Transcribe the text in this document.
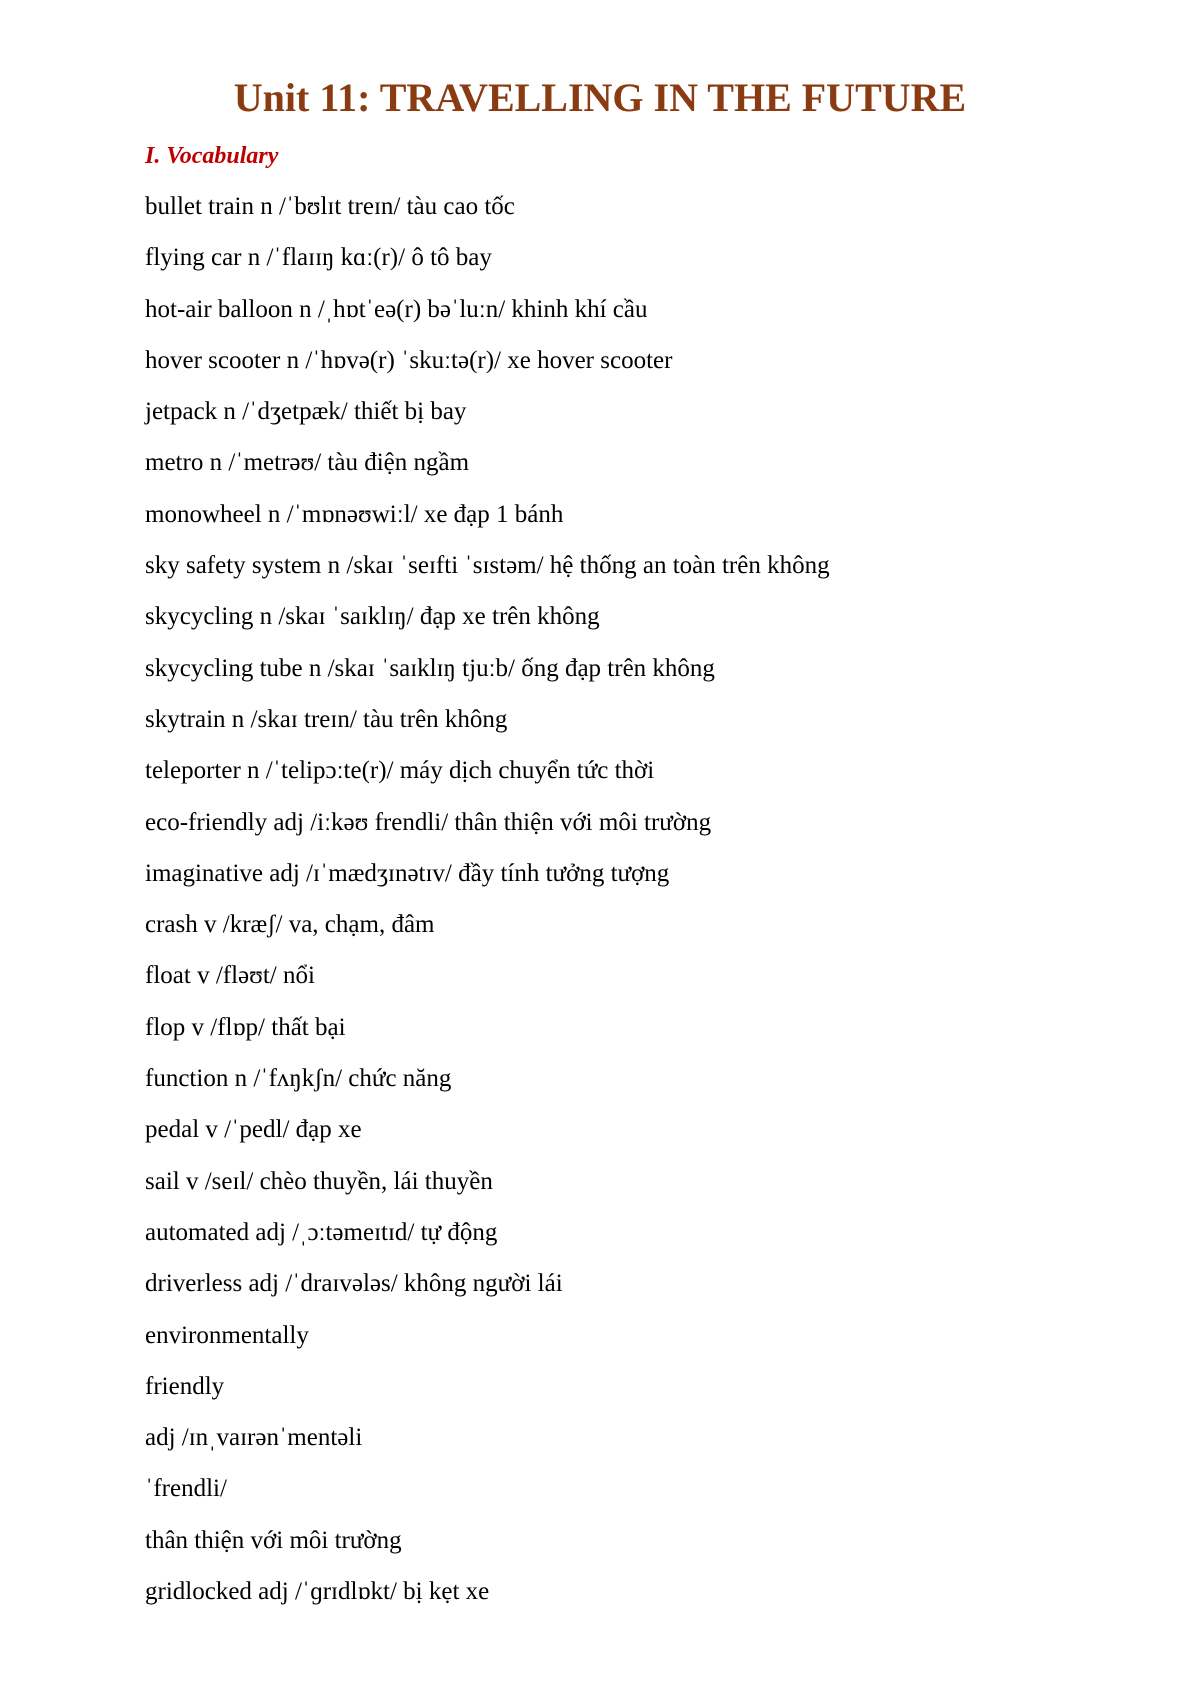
Unit 11: TRAVELLING IN THE FUTURE
I. Vocabulary
bullet train n /ˈbʊlɪt treɪn/ tàu cao tốc
flying car n /ˈflaɪɪŋ kɑː(r)/ ô tô bay
hot-air balloon n /ˌhɒtˈeə(r) bəˈluːn/ khinh khí cầu
hover scooter n /ˈhɒvə(r) ˈskuːtə(r)/ xe hover scooter
jetpack n /ˈdʒetpæk/ thiết bị bay
metro n /ˈmetrəʊ/ tàu điện ngầm
monowheel n /ˈmɒnəʊwiːl/ xe đạp 1 bánh
sky safety system n /skaɪ ˈseɪfti ˈsɪstəm/ hệ thống an toàn trên không
skycycling n /skaɪ ˈsaɪklɪŋ/ đạp xe trên không
skycycling tube n /skaɪ ˈsaɪklɪŋ tjuːb/ ống đạp trên không
skytrain n /skaɪ treɪn/ tàu trên không
teleporter n /ˈtelipɔːte(r)/ máy dịch chuyển tức thời
eco-friendly adj /iːkəʊ frendli/ thân thiện với môi trường
imaginative adj /ɪˈmædʒɪnətɪv/ đầy tính tưởng tượng
crash v /kræʃ/ va, chạm, đâm
float v /fləʊt/ nổi
flop v /flɒp/ thất bại
function n /ˈfʌŋkʃn/ chức năng
pedal v /ˈpedl/ đạp xe
sail v /seɪl/ chèo thuyền, lái thuyền
automated adj /ˌɔːtəmeɪtɪd/ tự động
driverless adj /ˈdraɪvələs/ không người lái
environmentally
friendly
adj /ɪnˌvaɪrənˈmentəli
ˈfrendli/
thân thiện với môi trường
gridlocked adj /ˈɡrɪdlɒkt/ bị kẹt xe
